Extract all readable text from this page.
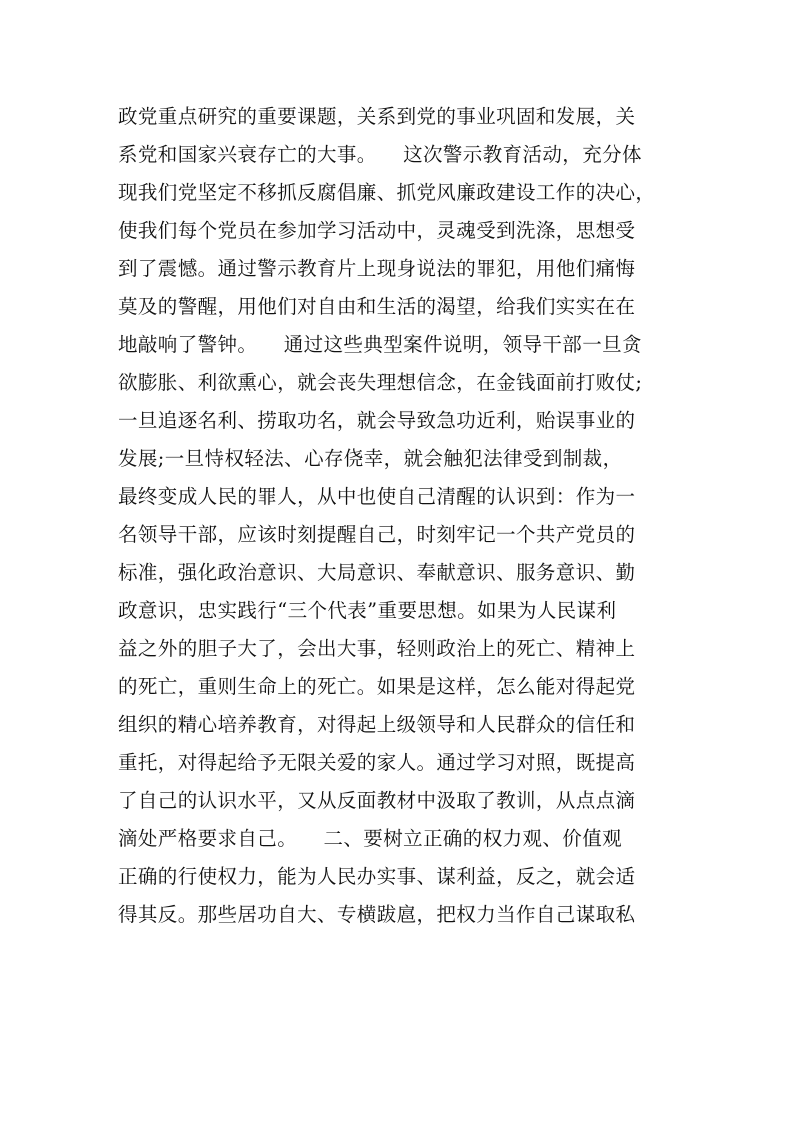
政党重点研究的重要课题，关系到党的事业巩固和发展，关
系党和国家兴衰存亡的大事。    这次警示教育活动，充分体
现我们党坚定不移抓反腐倡廉、抓党风廉政建设工作的决心，
使我们每个党员在参加学习活动中，灵魂受到洗涤，思想受
到了震憾。通过警示教育片上现身说法的罪犯，用他们痛悔
莫及的警醒，用他们对自由和生活的渴望，给我们实实在在
地敲响了警钟。    通过这些典型案件说明，领导干部一旦贪
欲膨胀、利欲熏心，就会丧失理想信念，在金钱面前打败仗;
一旦追逐名利、捞取功名，就会导致急功近利，贻误事业的
发展;一旦恃权轻法、心存侥幸，就会触犯法律受到制裁，
最终变成人民的罪人，从中也使自己清醒的认识到：作为一
名领导干部，应该时刻提醒自己，时刻牢记一个共产党员的
标准，强化政治意识、大局意识、奉献意识、服务意识、勤
政意识，忠实践行“三个代表”重要思想。如果为人民谋利
益之外的胆子大了，会出大事，轻则政治上的死亡、精神上
的死亡，重则生命上的死亡。如果是这样，怎么能对得起党
组织的精心培养教育，对得起上级领导和人民群众的信任和
重托，对得起给予无限关爱的家人。通过学习对照，既提高
了自己的认识水平，又从反面教材中汲取了教训，从点点滴
滴处严格要求自己。    二、要树立正确的权力观、价值观
正确的行使权力，能为人民办实事、谋利益，反之，就会适
得其反。那些居功自大、专横跋扈，把权力当作自己谋取私
